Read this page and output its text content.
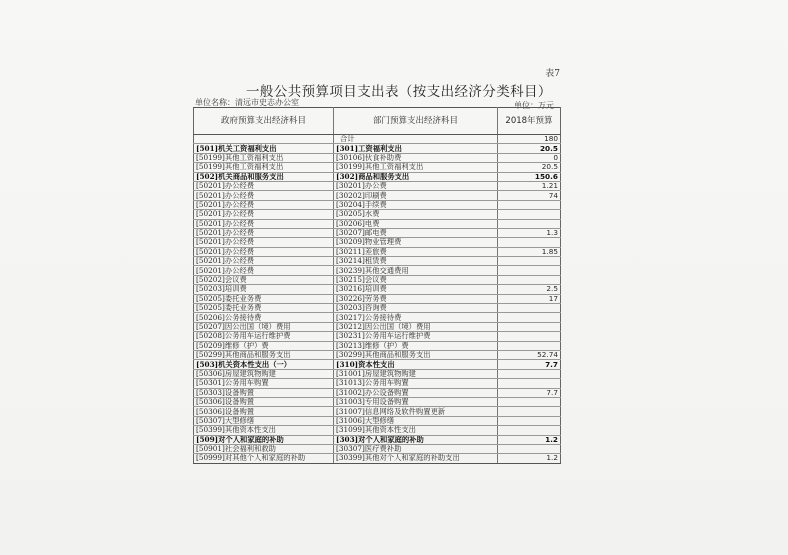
表7
一般公共预算项目支出表（按支出经济分类科目）
单位名称：清远市史志办公室	单位：万元
政府预算支出经济科目	部门预算支出经济科目	2018年预算
	合计	180
[501]机关工资福利支出	[301]工资福利支出	20.5
[50199]其他工资福利支出	[30106]伙食补助费	0
[50199]其他工资福利支出	[30199]其他工资福利支出	20.5
[502]机关商品和服务支出	[302]商品和服务支出	150.6
[50201]办公经费	[30201]办公费	1.21
[50201]办公经费	[30202]印刷费	74
[50201]办公经费	[30204]手续费	
[50201]办公经费	[30205]水费	
[50201]办公经费	[30206]电费	
[50201]办公经费	[30207]邮电费	1.3
[50201]办公经费	[30209]物业管理费	
[50201]办公经费	[30211]差旅费	1.85
[50201]办公经费	[30214]租赁费	
[50201]办公经费	[30239]其他交通费用	
[50202]会议费	[30215]会议费	
[50203]培训费	[30216]培训费	2.5
[50205]委托业务费	[30226]劳务费	17
[50205]委托业务费	[30203]咨询费	
[50206]公务接待费	[30217]公务接待费	
[50207]因公出国（境）费用	[30212]因公出国（境）费用	
[50208]公务用车运行维护费	[30231]公务用车运行维护费	
[50209]维修（护）费	[30213]维修（护）费	
[50299]其他商品和服务支出	[30299]其他商品和服务支出	52.74
[503]机关资本性支出（一）	[310]资本性支出	7.7
[50306]房屋建筑物购建	[31001]房屋建筑物购建	
[50301]公务用车购置	[31013]公务用车购置	
[50303]设备购置	[31002]办公设备购置	7.7
[50306]设备购置	[31003]专用设备购置	
[50306]设备购置	[31007]信息网络及软件购置更新	
[50307]大型修缮	[31006]大型修缮	
[50399]其他资本性支出	[31099]其他资本性支出	
[509]对个人和家庭的补助	[303]对个人和家庭的补助	1.2
[50901]社会福利和救助	[30307]医疗费补助	
[50999]对其他个人和家庭的补助	[30399]其他对个人和家庭的补助支出	1.2
